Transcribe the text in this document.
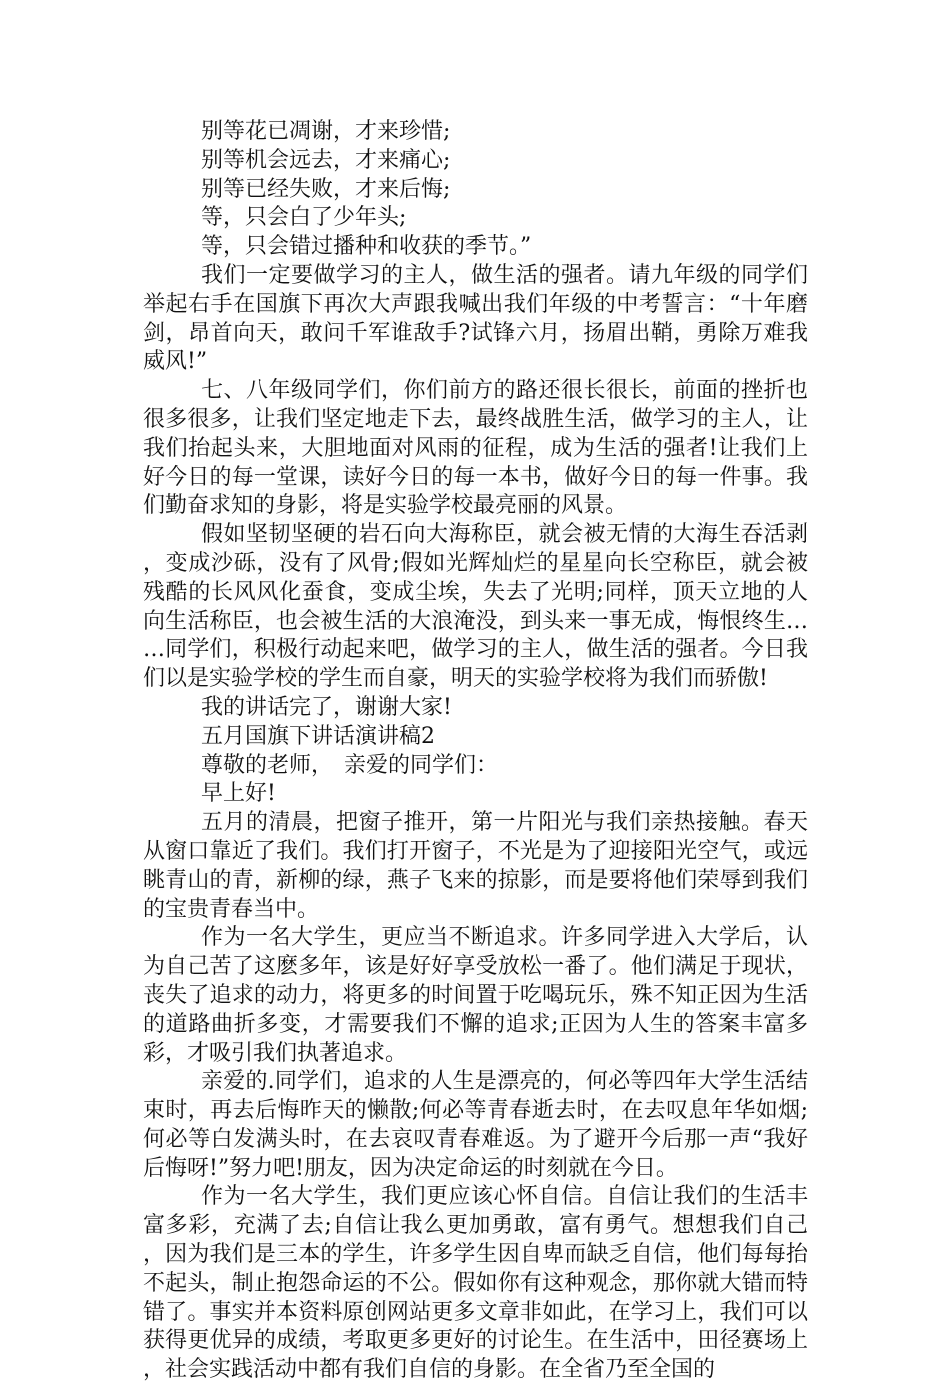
别等花已凋谢，才来珍惜;

别等机会远去，才来痛心;

别等已经失败，才来后悔;

等，只会白了少年头;

等，只会错过播种和收获的季节。”

我们一定要做学习的主人，做生活的强者。请九年级的同学们举起右手在国旗下再次大声跟我喊出我们年级的中考誓言：“十年磨剑，昂首向天，敢问千军谁敌手?试锋六月，扬眉出鞘，勇除万难我威风!”

七、八年级同学们，你们前方的路还很长很长，前面的挫折也很多很多，让我们坚定地走下去，最终战胜生活，做学习的主人，让我们抬起头来，大胆地面对风雨的征程，成为生活的强者!让我们上好今日的每一堂课，读好今日的每一本书，做好今日的每一件事。我们勤奋求知的身影，将是实验学校最亮丽的风景。

假如坚韧坚硬的岩石向大海称臣，就会被无情的大海生吞活剥，变成沙砾，没有了风骨;假如光辉灿烂的星星向长空称臣，就会被残酷的长风风化蚕食，变成尘埃，失去了光明;同样，顶天立地的人向生活称臣，也会被生活的大浪淹没，到头来一事无成，悔恨终生……同学们，积极行动起来吧，做学习的主人，做生活的强者。今日我们以是实验学校的学生而自豪，明天的实验学校将为我们而骄傲!

我的讲话完了，谢谢大家!

五月国旗下讲话演讲稿2

尊敬的老师，　亲爱的同学们：

早上好!

五月的清晨，把窗子推开，第一片阳光与我们亲热接触。春天从窗口靠近了我们。我们打开窗子，不光是为了迎接阳光空气，或远眺青山的青，新柳的绿，燕子飞来的掠影，而是要将他们荣辱到我们的宝贵青春当中。

作为一名大学生，更应当不断追求。许多同学进入大学后，认为自己苦了这麽多年，该是好好享受放松一番了。他们满足于现状，丧失了追求的动力，将更多的时间置于吃喝玩乐，殊不知正因为生活的道路曲折多变，才需要我们不懈的追求;正因为人生的答案丰富多彩，才吸引我们执著追求。

亲爱的.同学们，追求的人生是漂亮的，何必等四年大学生活结束时，再去后悔昨天的懒散;何必等青春逝去时，在去叹息年华如烟;何必等白发满头时，在去哀叹青春难返。为了避开今后那一声“我好后悔呀!”努力吧!朋友，因为决定命运的时刻就在今日。

作为一名大学生，我们更应该心怀自信。自信让我们的生活丰富多彩，充满了去;自信让我么更加勇敢，富有勇气。想想我们自己，因为我们是三本的学生，许多学生因自卑而缺乏自信，他们每每抬不起头，制止抱怨命运的不公。假如你有这种观念，那你就大错而特错了。事实并本资料原创网站更多文章非如此，在学习上，我们可以获得更优异的成绩，考取更多更好的讨论生。在生活中，田径赛场上，社会实践活动中都有我们自信的身影。在全省乃至全国的
